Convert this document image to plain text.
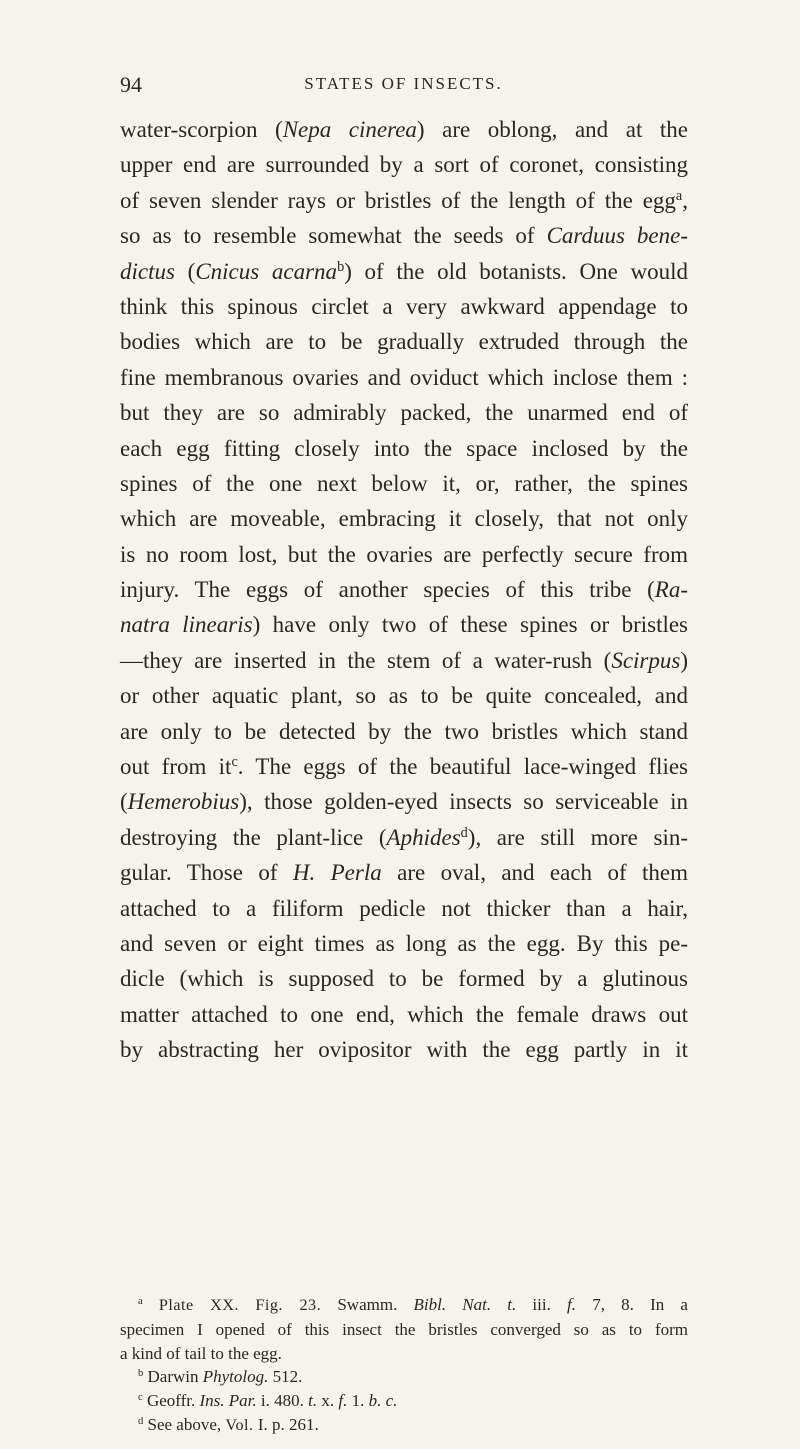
94	STATES OF INSECTS.
water-scorpion (Nepa cinerea) are oblong, and at the
upper end are surrounded by a sort of coronet, consisting
of seven slender rays or bristles of the length of the egg$^a$,
so as to resemble somewhat the seeds of Carduus bene-
dictus (Cnicus acarna$^b$) of the old botanists. One would
think this spinous circlet a very awkward appendage to
bodies which are to be gradually extruded through the
fine membranous ovaries and oviduct which inclose them :
but they are so admirably packed, the unarmed end of
each egg fitting closely into the space inclosed by the
spines of the one next below it, or, rather, the spines
which are moveable, embracing it closely, that not only
is no room lost, but the ovaries are perfectly secure from
injury. The eggs of another species of this tribe (Ra-
natra linearis) have only two of these spines or bristles
—they are inserted in the stem of a water-rush (Scirpus)
or other aquatic plant, so as to be quite concealed, and
are only to be detected by the two bristles which stand
out from $it^c$. The eggs of the beautiful lace-winged flies
(Hemerobius), those golden-eyed insects so serviceable in
destroying the plant-lice (Aphides$^d$), are still more sin-
gular. Those of H. Perla are oval, and each of them
attached to a filiform pedicle not thicker than a hair,
and seven or eight times as long as the egg. By this pe-
dicle (which is supposed to be formed by a glutinous
matter attached to one end, which the female draws out
by abstracting her ovipositor with the egg partly in it
$^a$ Plate XX. Fig. 23. Swamm. Bibl. Nat. t. iii. f. 7, 8. In a
specimen I opened of this insect the bristles converged so as to form
a kind of tail to the egg.
$^b$ Darwin Phytolog. 512.
$^c$ Geoffr. Ins. Par. i. 480. t. x. f. 1. b. c.
$^d$ See above, Vol. I. p. 261.
